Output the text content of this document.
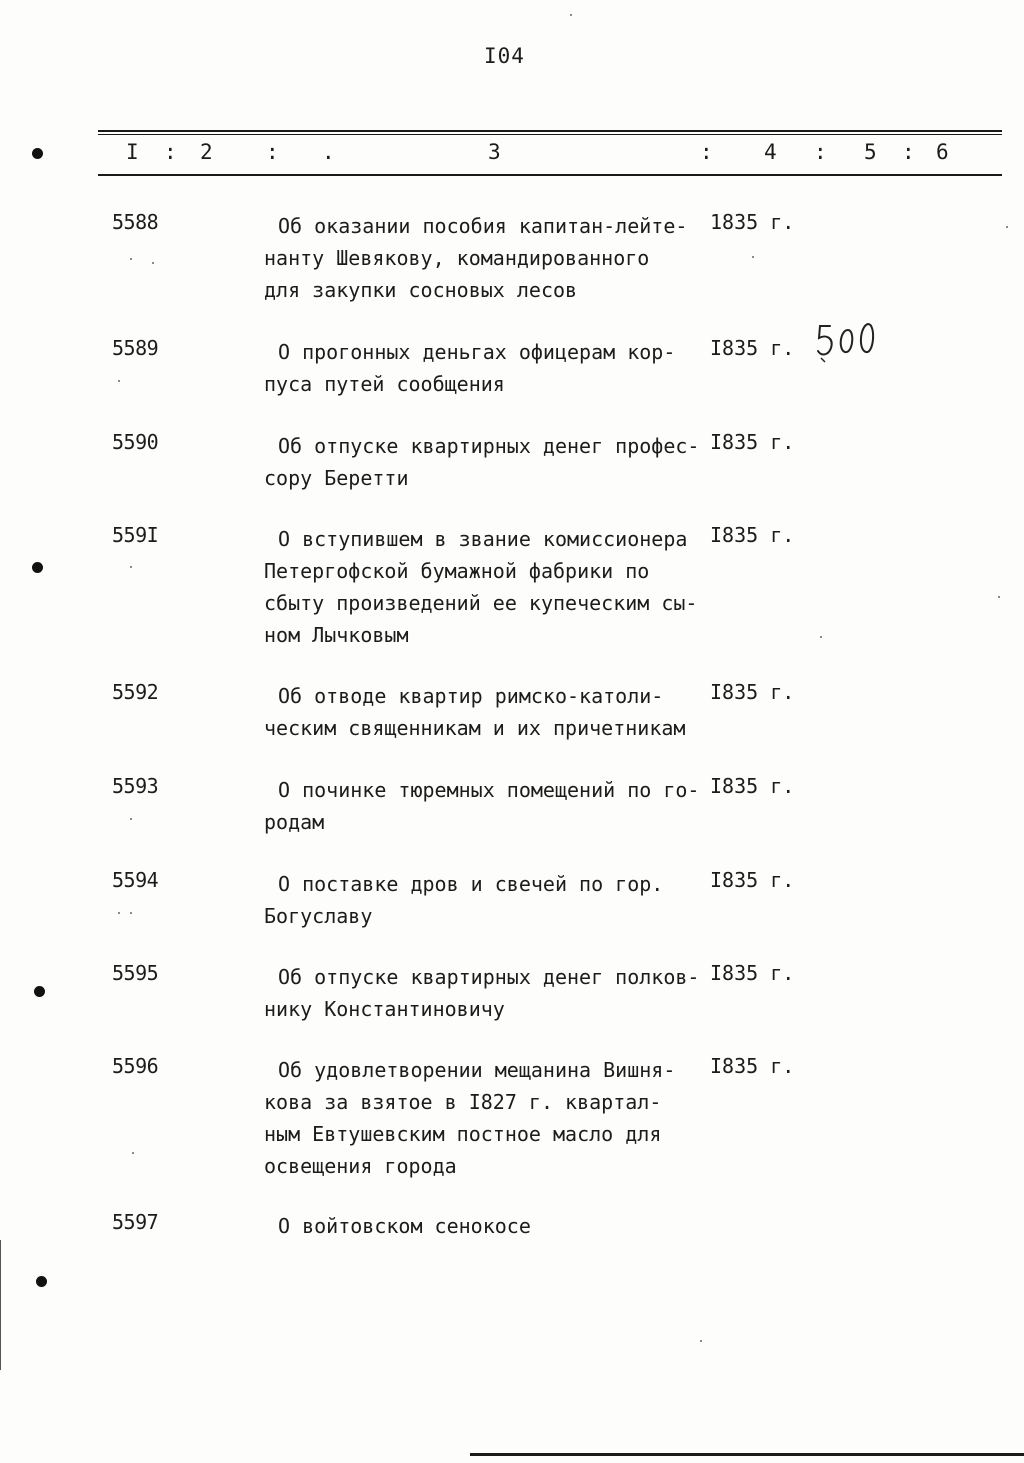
I04
I : 2	: .	3	: 4 : 5 : 6
5588	Об оказании пособия капитан-лейте-
нанту Шевякову, командированного
для закупки сосновых лесов
1835 г.
5589	О прогонных деньгах офицерам кор-
пуса путей сообщения
I835 г.
5590	Об отпуске квартирных денег профес-
сору Беретти
I835 г.
559I	О вступившем в звание комиссионера
Петергофской бумажной фабрики по
сбыту произведений ее купеческим сы-
ном Лычковым
I835 г.
5592	Об отводе квартир римско-католи-
ческим священникам и их причетникам
I835 г.
5593	О починке тюремных помещений по го-
родам
I835 г.
5594	О поставке дров и свечей по гор.
Богуславу
I835 г.
5595	Об отпуске квартирных денег полков-
нику Константиновичу
I835 г.
5596	Об удовлетворении мещанина Вишня-
кова за взятое в I827 г. квартал-
ным Евтушевским постное масло для
освещения города
I835 г.
5597	О войтовском сенокосе
